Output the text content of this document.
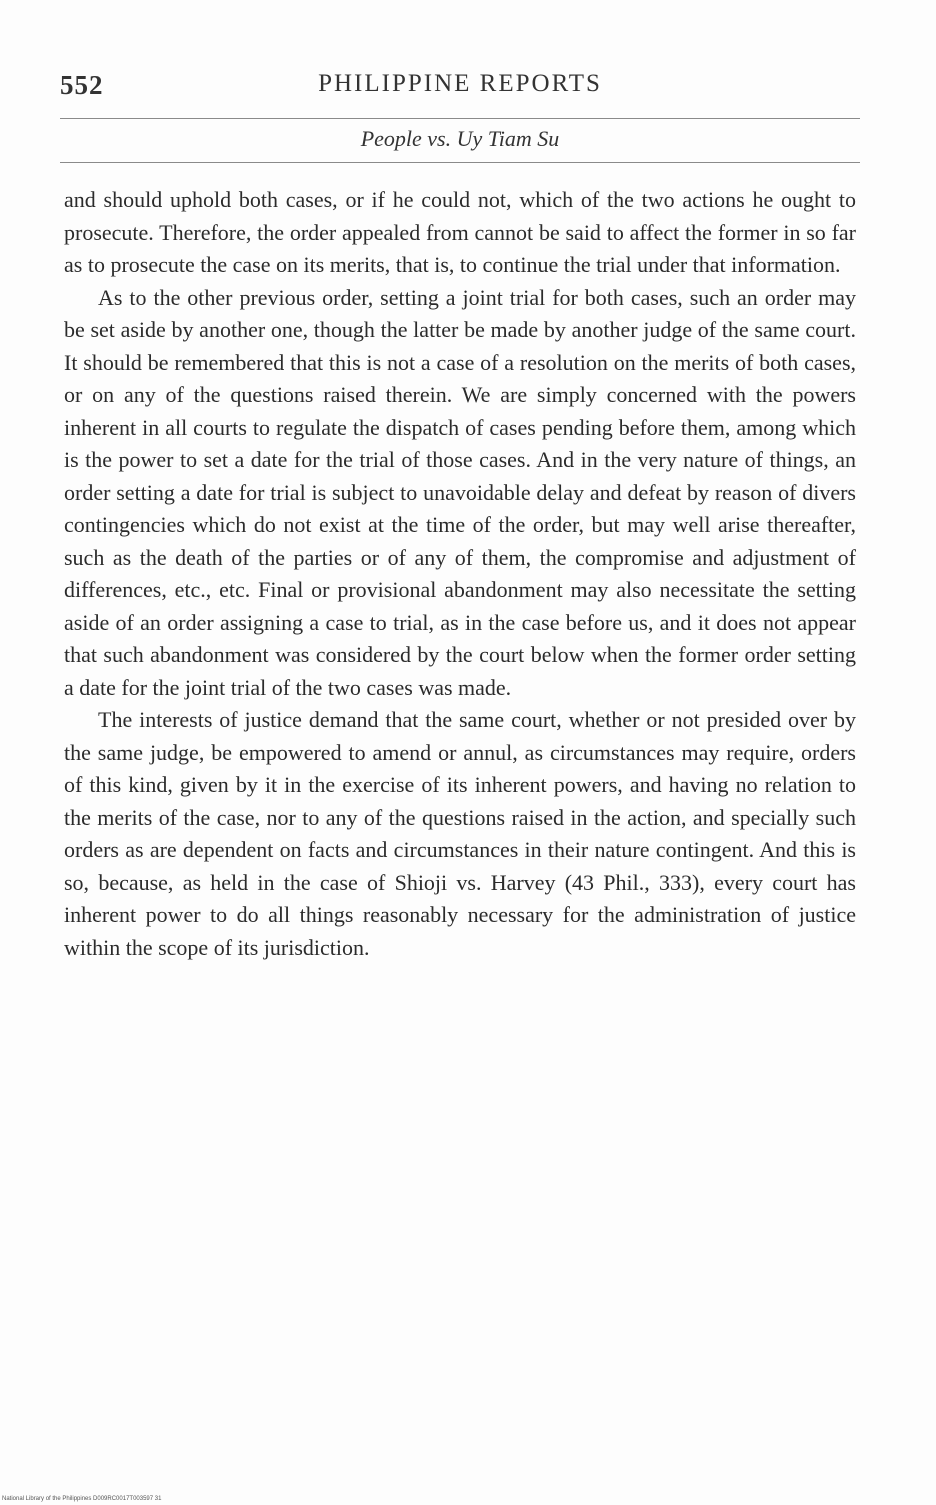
552	PHILIPPINE REPORTS
People vs. Uy Tiam Su

and should uphold both cases, or if he could not, which of the two actions he ought to prosecute. Therefore, the order appealed from cannot be said to affect the former in so far as to prosecute the case on its merits, that is, to continue the trial under that information.

As to the other previous order, setting a joint trial for both cases, such an order may be set aside by another one, though the latter be made by another judge of the same court. It should be remembered that this is not a case of a resolution on the merits of both cases, or on any of the questions raised therein. We are simply concerned with the powers inherent in all courts to regulate the dispatch of cases pending before them, among which is the power to set a date for the trial of those cases. And in the very nature of things, an order setting a date for trial is subject to unavoidable delay and defeat by reason of divers contingencies which do not exist at the time of the order, but may well arise thereafter, such as the death of the parties or of any of them, the compromise and adjustment of differences, etc., etc. Final or provisional abandonment may also necessitate the setting aside of an order assigning a case to trial, as in the case before us, and it does not appear that such abandonment was considered by the court below when the former order setting a date for the joint trial of the two cases was made.

The interests of justice demand that the same court, whether or not presided over by the same judge, be empowered to amend or annul, as circumstances may require, orders of this kind, given by it in the exercise of its inherent powers, and having no relation to the merits of the case, nor to any of the questions raised in the action, and specially such orders as are dependent on facts and circumstances in their nature contingent. And this is so, because, as held in the case of Shioji vs. Harvey (43 Phil., 333), every court has inherent power to do all things reasonably necessary for the administration of justice within the scope of its jurisdiction.

National Library of the Philippines D009RC0017T003597 31
